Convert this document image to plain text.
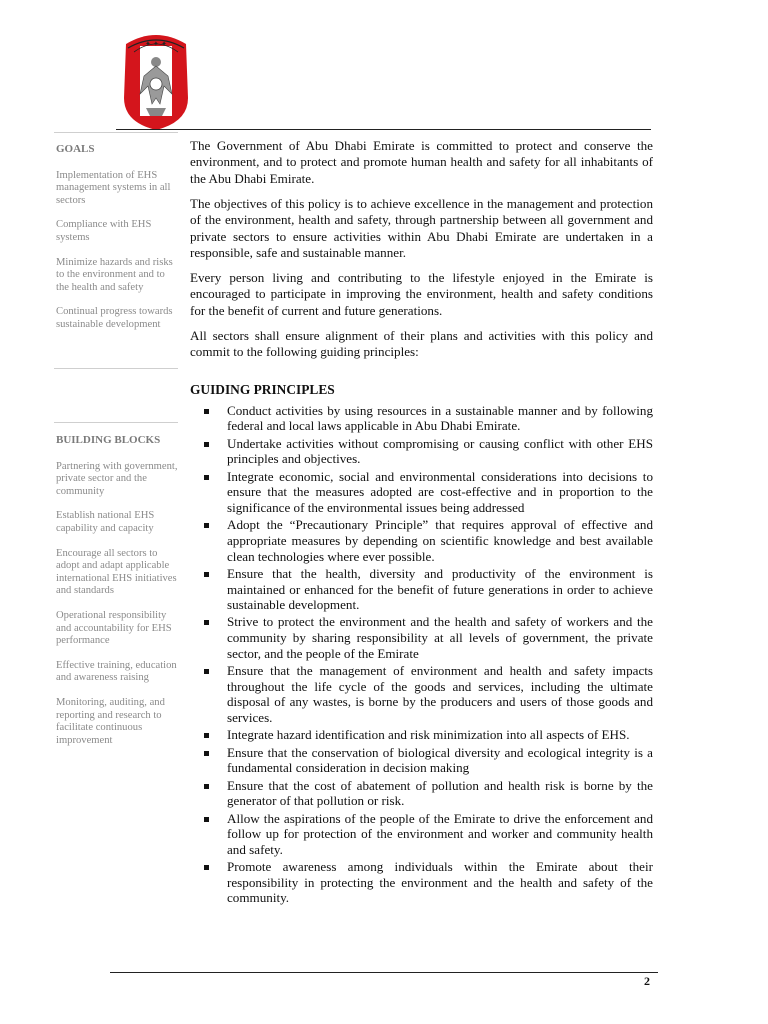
✦ ✦ ✦
GOALS
Implementation of EHS management systems in all sectors
Compliance with EHS systems
Minimize hazards and risks to the environment and to the health and safety
Continual progress towards sustainable development
BUILDING BLOCKS
Partnering with government, private sector and the community
Establish national EHS capability and capacity
Encourage all sectors to adopt and adapt applicable international EHS initiatives and standards
Operational responsibility and accountability for EHS performance
Effective training, education and awareness raising
Monitoring, auditing, and reporting and research to facilitate continuous improvement

The Government of Abu Dhabi Emirate is committed to protect and conserve the environment, and to protect and promote human health and safety for all inhabitants of the Abu Dhabi Emirate.

The objectives of this policy is to achieve excellence in the management and protection of the environment, health and safety, through partnership between all government and private sectors to ensure activities within Abu Dhabi Emirate are undertaken in a responsible, safe and sustainable manner.

Every person living and contributing to the lifestyle enjoyed in the Emirate is encouraged to participate in improving the environment, health and safety conditions for the benefit of current and future generations.

All sectors shall ensure alignment of their plans and activities with this policy and commit to the following guiding principles:

GUIDING PRINCIPLES
Conduct activities by using resources in a sustainable manner and by following federal and local laws applicable in Abu Dhabi Emirate.
Undertake activities without compromising or causing conflict with other EHS principles and objectives.
Integrate economic, social and environmental considerations into decisions to ensure that the measures adopted are cost-effective and in proportion to the significance of the environmental issues being addressed
Adopt the “Precautionary Principle” that requires approval of effective and appropriate measures by depending on scientific knowledge and best available clean technologies where ever possible.
Ensure that the health, diversity and productivity of the environment is maintained or enhanced for the benefit of future generations in order to achieve sustainable development.
Strive to protect the environment and the health and safety of workers and the community by sharing responsibility at all levels of government, the private sector, and the people of the Emirate
Ensure that the management of environment and health and safety impacts throughout the life cycle of the goods and services, including the ultimate disposal of any wastes, is borne by the producers and users of those goods and services.
Integrate hazard identification and risk minimization into all aspects of EHS.
Ensure that the conservation of biological diversity and ecological integrity is a fundamental consideration in decision making
Ensure that the cost of abatement of pollution and health risk is borne by the generator of that pollution or risk.
Allow the aspirations of the people of the Emirate to drive the enforcement and follow up for protection of the environment and worker and community health and safety.
Promote awareness among individuals within the Emirate about their responsibility in protecting the environment and the health and safety of the community.
2
